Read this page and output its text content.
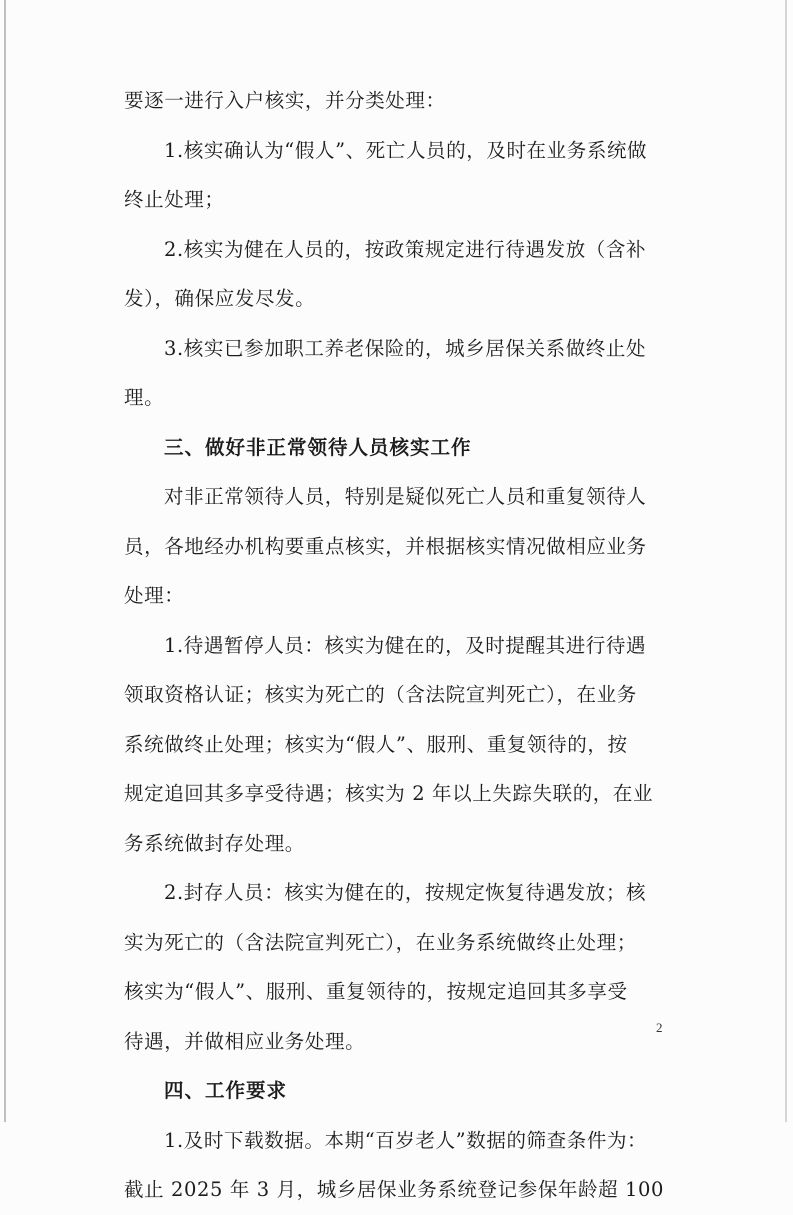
要逐一进行入户核实，并分类处理：
1.核实确认为“假人”、死亡人员的，及时在业务系统做
终止处理；
2.核实为健在人员的，按政策规定进行待遇发放（含补
发），确保应发尽发。
3.核实已参加职工养老保险的，城乡居保关系做终止处
理。
三、做好非正常领待人员核实工作
对非正常领待人员，特别是疑似死亡人员和重复领待人
员，各地经办机构要重点核实，并根据核实情况做相应业务
处理：
1.待遇暂停人员：核实为健在的，及时提醒其进行待遇
领取资格认证；核实为死亡的（含法院宣判死亡），在业务
系统做终止处理；核实为“假人”、服刑、重复领待的，按
规定追回其多享受待遇；核实为 2 年以上失踪失联的，在业
务系统做封存处理。
2.封存人员：核实为健在的，按规定恢复待遇发放；核
实为死亡的（含法院宣判死亡），在业务系统做终止处理；
核实为“假人”、服刑、重复领待的，按规定追回其多享受
待遇，并做相应业务处理。
四、工作要求
1.及时下载数据。本期“百岁老人”数据的筛查条件为：
截止 2025 年 3 月，城乡居保业务系统登记参保年龄超 100
2
